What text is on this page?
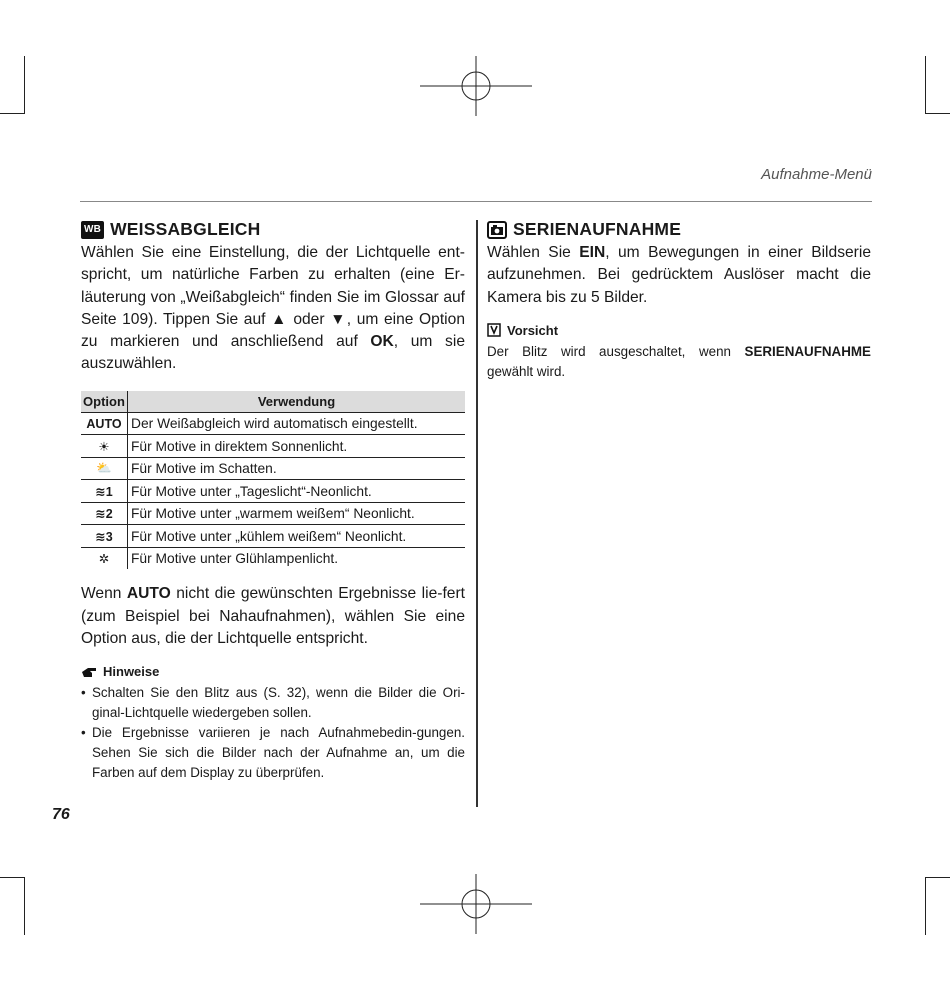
Aufnahme-Menü
WB WEISSABGLEICH

Wählen Sie eine Einstellung, die der Lichtquelle ent-spricht, um natürliche Farben zu erhalten (eine Er-läuterung von „Weißabgleich“ finden Sie im Glossar auf Seite 109). Tippen Sie auf ▲ oder ▼, um eine Option zu markieren und anschließend auf OK, um sie auszuwählen.

Option	Verwendung
AUTO	Der Weißabgleich wird automatisch eingestellt.
☀	Für Motive in direktem Sonnenlicht.
⛅	Für Motive im Schatten.
≋1	Für Motive unter „Tageslicht“-Neonlicht.
≋2	Für Motive unter „warmem weißem“ Neonlicht.
≋3	Für Motive unter „kühlem weißem“ Neonlicht.
✲	Für Motive unter Glühlampenlicht.

Wenn AUTO nicht die gewünschten Ergebnisse lie-fert (zum Beispiel bei Nahaufnahmen), wählen Sie eine Option aus, die der Lichtquelle entspricht.

Hinweise
• Schalten Sie den Blitz aus (S. 32), wenn die Bilder die Ori-ginal-Lichtquelle wiedergeben sollen.
• Die Ergebnisse variieren je nach Aufnahmebedin-gungen. Sehen Sie sich die Bilder nach der Aufnahme an, um die Farben auf dem Display zu überprüfen.
SERIENAUFNAHME

Wählen Sie EIN, um Bewegungen in einer Bildserie aufzunehmen. Bei gedrücktem Auslöser macht die Kamera bis zu 5 Bilder.

Vorsicht

Der Blitz wird ausgeschaltet, wenn SERIENAUFNAHME gewählt wird.

76
